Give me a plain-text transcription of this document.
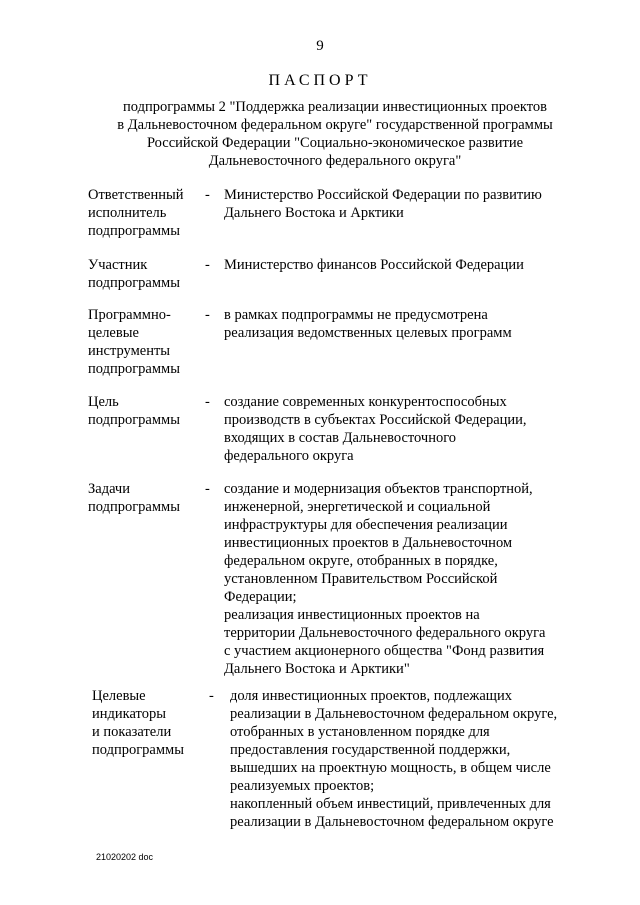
9
ПАСПОРТ
подпрограммы 2 "Поддержка реализации инвестиционных проектов
в Дальневосточном федеральном округе" государственной программы
Российской Федерации "Социально-экономическое развитие
Дальневосточного федерального округа"
Ответственный
исполнитель
подпрограммы
- Министерство Российской Федерации по развитию
Дальнего Востока и Арктики
Участник
подпрограммы
- Министерство финансов Российской Федерации
Программно-
целевые
инструменты
подпрограммы
- в рамках подпрограммы не предусмотрена
реализация ведомственных целевых программ
Цель
подпрограммы
- создание современных конкурентоспособных
производств в субъектах Российской Федерации,
входящих в состав Дальневосточного
федерального округа
Задачи
подпрограммы
- создание и модернизация объектов транспортной,
инженерной, энергетической и социальной
инфраструктуры для обеспечения реализации
инвестиционных проектов в Дальневосточном
федеральном округе, отобранных в порядке,
установленном Правительством Российской
Федерации;
реализация инвестиционных проектов на
территории Дальневосточного федерального округа
с участием акционерного общества "Фонд развития
Дальнего Востока и Арктики"
Целевые
индикаторы
и показатели
подпрограммы
- доля инвестиционных проектов, подлежащих
реализации в Дальневосточном федеральном округе,
отобранных в установленном порядке для
предоставления государственной поддержки,
вышедших на проектную мощность, в общем числе
реализуемых проектов;
накопленный объем инвестиций, привлеченных для
реализации в Дальневосточном федеральном округе
21020202 doc
